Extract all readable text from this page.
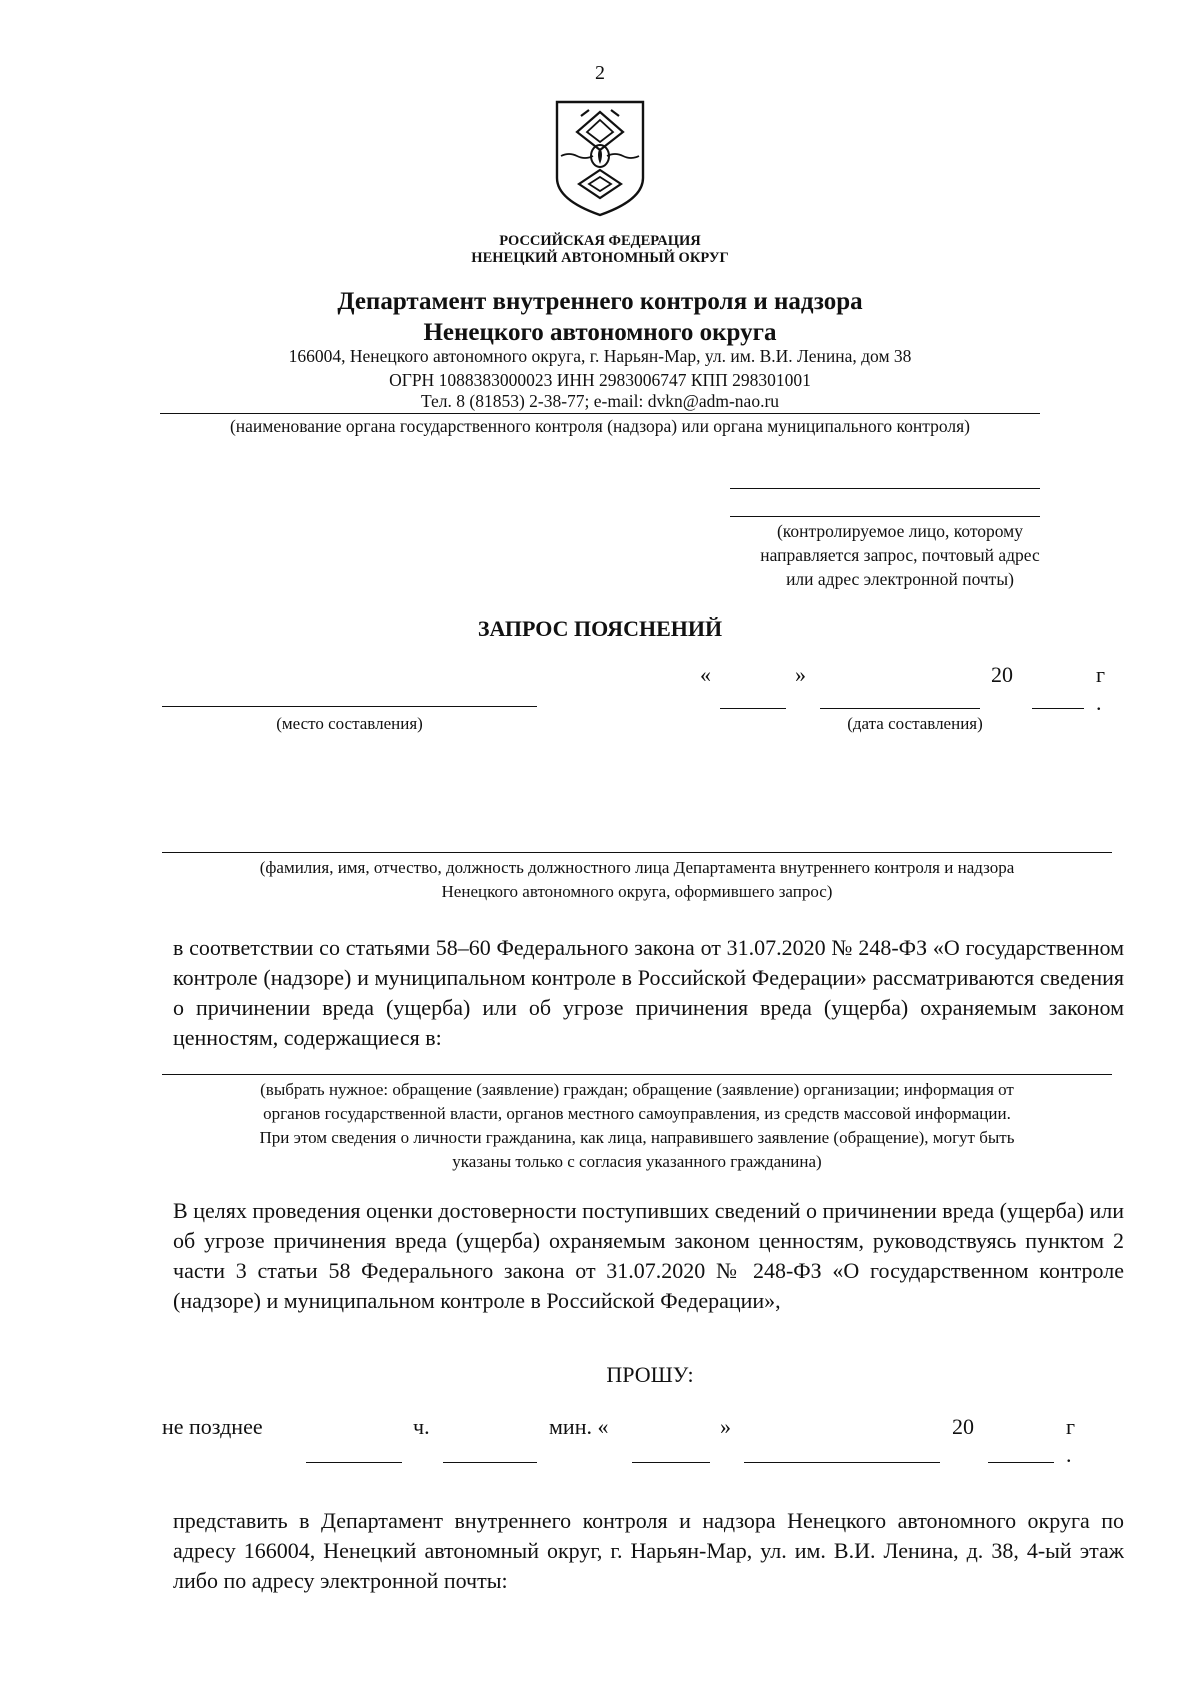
2
РОССИЙСКАЯ ФЕДЕРАЦИЯ
НЕНЕЦКИЙ АВТОНОМНЫЙ ОКРУГ
Департамент внутреннего контроля и надзора
Ненецкого автономного округа
166004, Ненецкого автономного округа, г. Нарьян-Мар, ул. им. В.И. Ленина, дом 38
ОГРН 1088383000023 ИНН 2983006747 КПП 298301001
Тел. 8 (81853) 2-38-77; e-mail: dvkn@adm-nao.ru
(наименование органа государственного контроля (надзора) или органа муниципального контроля)
(контролируемое лицо, которому
направляется запрос, почтовый адрес
или адрес электронной почты)
ЗАПРОС ПОЯСНЕНИЙ
«	»	20	г
.
(место составления)	(дата составления)
(фамилия, имя, отчество, должность должностного лица Департамента внутреннего контроля и надзора
Ненецкого автономного округа, оформившего запрос)
в соответствии со статьями 58–60 Федерального закона от 31.07.2020 № 248-ФЗ «О государственном контроле (надзоре) и муниципальном контроле в Российской Федерации» рассматриваются сведения о причинении вреда (ущерба) или об угрозе причинения вреда (ущерба) охраняемым законом ценностям, содержащиеся в:
(выбрать нужное: обращение (заявление) граждан; обращение (заявление) организации; информация от
органов государственной власти, органов местного самоуправления, из средств массовой информации.
При этом сведения о личности гражданина, как лица, направившего заявление (обращение), могут быть
указаны только с согласия указанного гражданина)
В целях проведения оценки достоверности поступивших сведений о причинении вреда (ущерба) или об угрозе причинения вреда (ущерба) охраняемым законом ценностям, руководствуясь пунктом 2 части 3 статьи 58 Федерального закона от 31.07.2020 № 248-ФЗ «О государственном контроле (надзоре) и муниципальном контроле в Российской Федерации»,
ПРОШУ:
не позднее	ч.	мин. «	»	20	г
.
представить в Департамент внутреннего контроля и надзора Ненецкого автономного округа по адресу 166004, Ненецкий автономный округ, г. Нарьян-Мар, ул. им. В.И. Ленина, д. 38, 4-ый этаж либо по адресу электронной почты:
